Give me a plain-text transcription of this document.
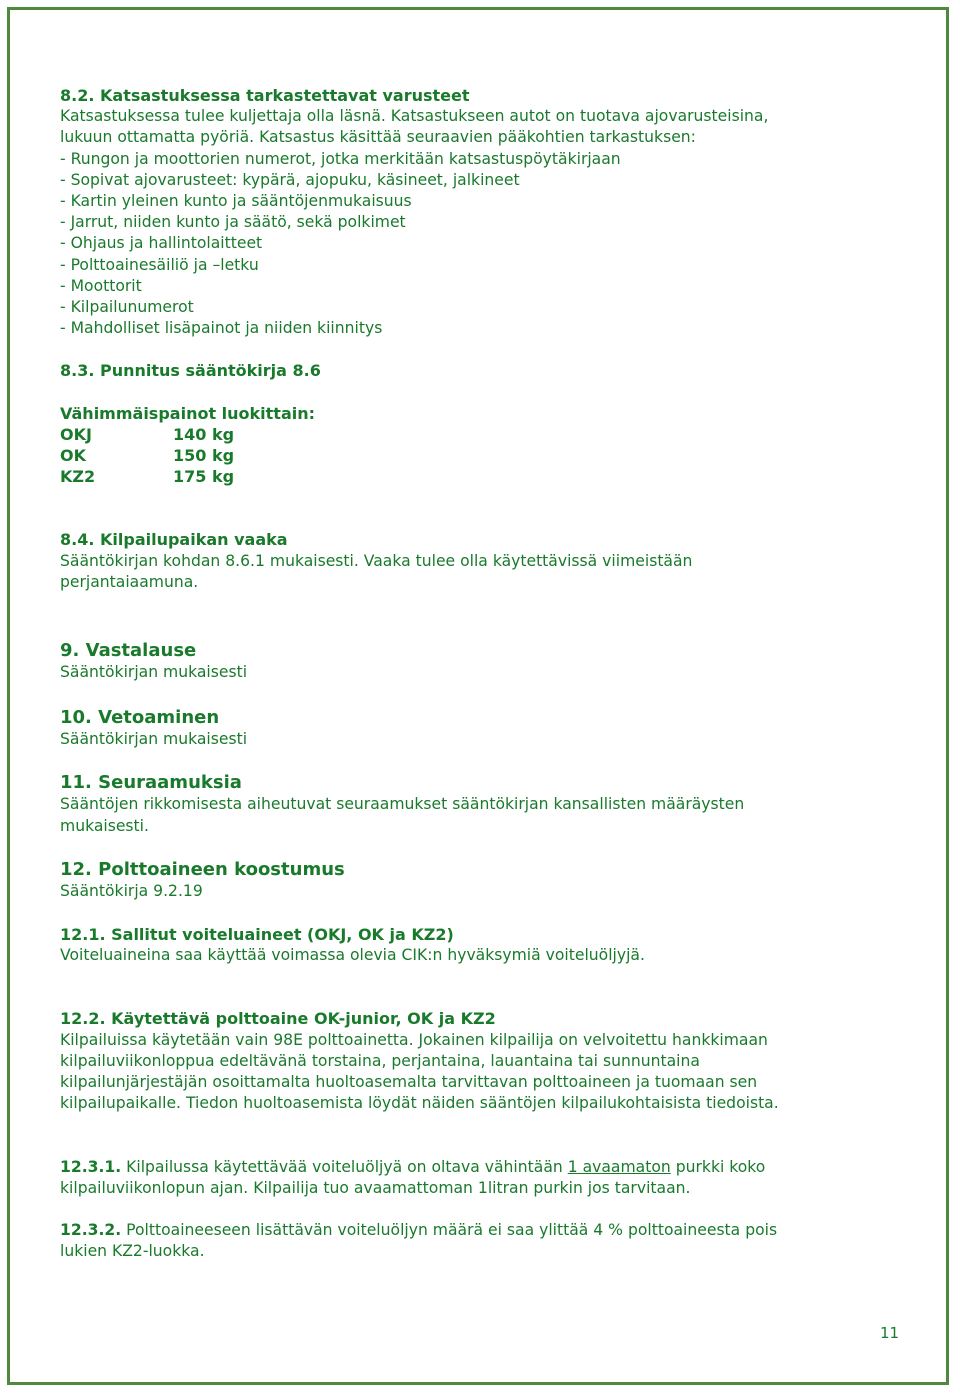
8.2. Katsastuksessa tarkastettavat varusteet

Katsastuksessa tulee kuljettaja olla läsnä. Katsastukseen autot on tuotava ajovarusteisina,

lukuun ottamatta pyöriä. Katsastus käsittää seuraavien pääkohtien tarkastuksen:

- Rungon ja moottorien numerot, jotka merkitään katsastuspöytäkirjaan

- Sopivat ajovarusteet: kypärä, ajopuku, käsineet, jalkineet

- Kartin yleinen kunto ja sääntöjenmukaisuus

- Jarrut, niiden kunto ja säätö, sekä polkimet

- Ohjaus ja hallintolaitteet

- Polttoainesäiliö ja –letku

- Moottorit

- Kilpailunumerot

- Mahdolliset lisäpainot ja niiden kiinnitys

8.3. Punnitus sääntökirja 8.6

Vähimmäispainot luokittain:

OKJ	140 kg
OK	150 kg
KZ2	175 kg

8.4. Kilpailupaikan vaaka

Sääntökirjan kohdan 8.6.1 mukaisesti. Vaaka tulee olla käytettävissä viimeistään

perjantaiaamuna.

9. Vastalause

Sääntökirjan mukaisesti

10. Vetoaminen

Sääntökirjan mukaisesti

11. Seuraamuksia

Sääntöjen rikkomisesta aiheutuvat seuraamukset sääntökirjan kansallisten määräysten

mukaisesti.

12. Polttoaineen koostumus

Sääntökirja 9.2.19

12.1. Sallitut voiteluaineet (OKJ, OK ja KZ2)

Voiteluaineina saa käyttää voimassa olevia CIK:n hyväksymiä voiteluöljyjä.

12.2. Käytettävä polttoaine OK-junior, OK ja KZ2

Kilpailuissa käytetään vain 98E polttoainetta. Jokainen kilpailija on velvoitettu hankkimaan

kilpailuviikonloppua edeltävänä torstaina, perjantaina, lauantaina tai sunnuntaina

kilpailunjärjestäjän osoittamalta huoltoasemalta tarvittavan polttoaineen ja tuomaan sen

kilpailupaikalle. Tiedon huoltoasemista löydät näiden sääntöjen kilpailukohtaisista tiedoista.

12.3.1. Kilpailussa käytettävää voiteluöljyä on oltava vähintään 1 avaamaton purkki koko

kilpailuviikonlopun ajan. Kilpailija tuo avaamattoman 1litran purkin jos tarvitaan.

12.3.2. Polttoaineeseen lisättävän voiteluöljyn määrä ei saa ylittää 4 % polttoaineesta pois

lukien KZ2-luokka.

11
